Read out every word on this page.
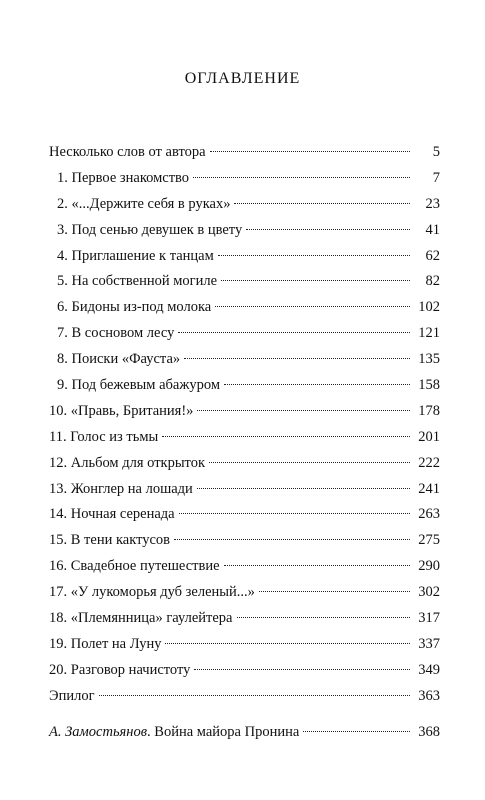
ОГЛАВЛЕНИЕ
Несколько слов от автора	5
1. Первое знакомство	7
2. «...Держите себя в руках»	23
3. Под сенью девушек в цвету	41
4. Приглашение к танцам	62
5. На собственной могиле	82
6. Бидоны из-под молока	102
7. В сосновом лесу	121
8. Поиски «Фауста»	135
9. Под бежевым абажуром	158
10. «Правь, Британия!»	178
11. Голос из тьмы	201
12. Альбом для открыток	222
13. Жонглер на лошади	241
14. Ночная серенада	263
15. В тени кактусов	275
16. Свадебное путешествие	290
17. «У лукоморья дуб зеленый...»	302
18. «Племянница» гаулейтера	317
19. Полет на Луну	337
20. Разговор начистоту	349
Эпилог	363
А. Замостьянов. Война майора Пронина	368
